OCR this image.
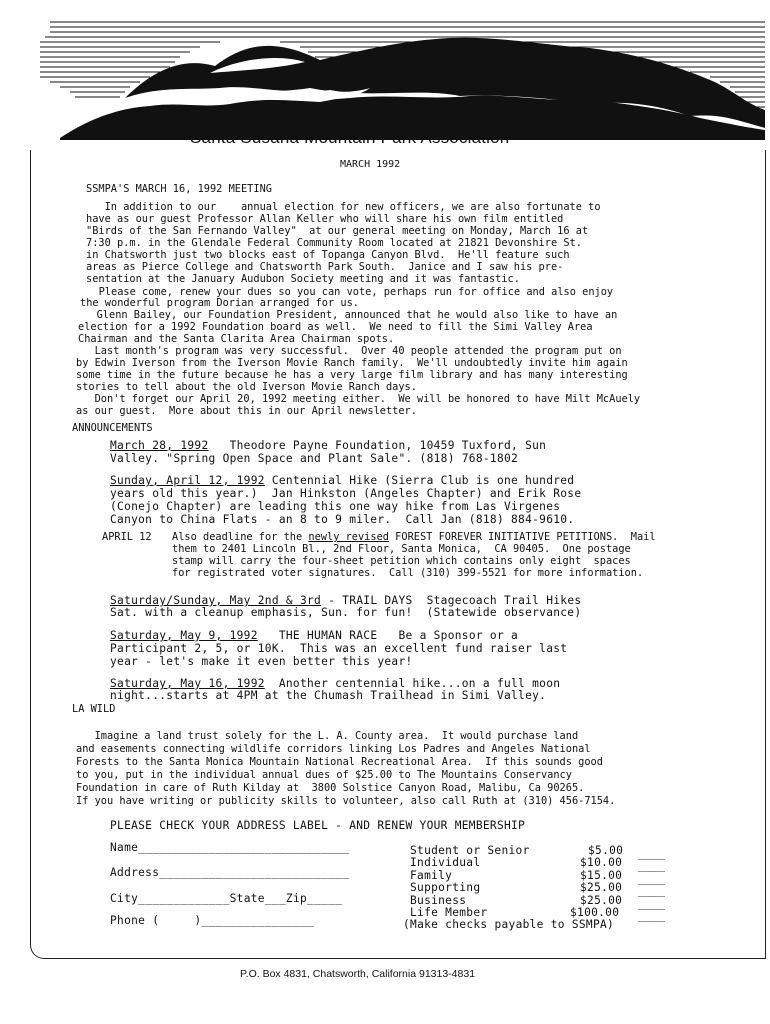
Santa Susana Mountain Park Association
MARCH 1992
SSMPA'S MARCH 16, 1992 MEETING
In addition to our    annual election for new officers, we are also fortunate to
have as our guest Professor Allan Keller who will share his own film entitled
"Birds of the San Fernando Valley"  at our general meeting on Monday, March 16 at
7:30 p.m. in the Glendale Federal Community Room located at 21821 Devonshire St.
in Chatsworth just two blocks east of Topanga Canyon Blvd.  He'll feature such
areas as Pierce College and Chatsworth Park South.  Janice and I saw his pre-
sentation at the January Audubon Society meeting and it was fantastic.
Please come, renew your dues so you can vote, perhaps run for office and also enjoy
the wonderful program Dorian arranged for us.
Glenn Bailey, our Foundation President, announced that he would also like to have an
election for a 1992 Foundation board as well.  We need to fill the Simi Valley Area
Chairman and the Santa Clarita Area Chairman spots.
Last month's program was very successful.  Over 40 people attended the program put on
by Edwin Iverson from the Iverson Movie Ranch family.  We'll undoubtedly invite him again
some time in the future because he has a very large film library and has many interesting
stories to tell about the old Iverson Movie Ranch days.
Don't forget our April 20, 1992 meeting either.  We will be honored to have Milt McAuely
as our guest.  More about this in our April newsletter.
ANNOUNCEMENTS
March 28, 1992   Theodore Payne Foundation, 10459 Tuxford, Sun
Valley. "Spring Open Space and Plant Sale". (818) 768-1802
Sunday, April 12, 1992 Centennial Hike (Sierra Club is one hundred
years old this year.)  Jan Hinkston (Angeles Chapter) and Erik Rose
(Conejo Chapter) are leading this one way hike from Las Virgenes
Canyon to China Flats - an 8 to 9 miler.  Call Jan (818) 884-9610.
APRIL 12 Also deadline for the newly revised FOREST FOREVER INITIATIVE PETITIONS.  Mail
them to 2401 Lincoln Bl., 2nd Floor, Santa Monica,  CA 90405.  One postage
stamp will carry the four-sheet petition which contains only eight  spaces
for registrated voter signatures.  Call (310) 399-5521 for more information.
Saturday/Sunday, May 2nd & 3rd - TRAIL DAYS  Stagecoach Trail Hikes
Sat. with a cleanup emphasis, Sun. for fun!  (Statewide observance)
Saturday, May 9, 1992   THE HUMAN RACE   Be a Sponsor or a
Participant 2, 5, or 10K.  This was an excellent fund raiser last
year - let's make it even better this year!
Saturday, May 16, 1992  Another centennial hike...on a full moon
night...starts at 4PM at the Chumash Trailhead in Simi Valley.
LA WILD
Imagine a land trust solely for the L. A. County area.  It would purchase land
and easements connecting wildlife corridors linking Los Padres and Angeles National
Forests to the Santa Monica Mountain National Recreational Area.  If this sounds good
to you, put in the individual annual dues of $25.00 to The Mountains Conservancy
Foundation in care of Ruth Kilday at  3800 Solstice Canyon Road, Malibu, Ca 90265.
If you have writing or publicity skills to volunteer, also call Ruth at (310) 456-7154.
PLEASE CHECK YOUR ADDRESS LABEL - AND RENEW YOUR MEMBERSHIP
Name______________________________
Address___________________________
City_____________State___Zip_____
Phone (     )________________
Student or Senior
Individual
Family
Supporting
Business
Life Member
(Make checks payable to SSMPA)
$5.00
$10.00
$15.00
$25.00
$25.00
$100.00
____
____
____
____
____
____
P.O. Box 4831, Chatsworth, California 91313-4831
